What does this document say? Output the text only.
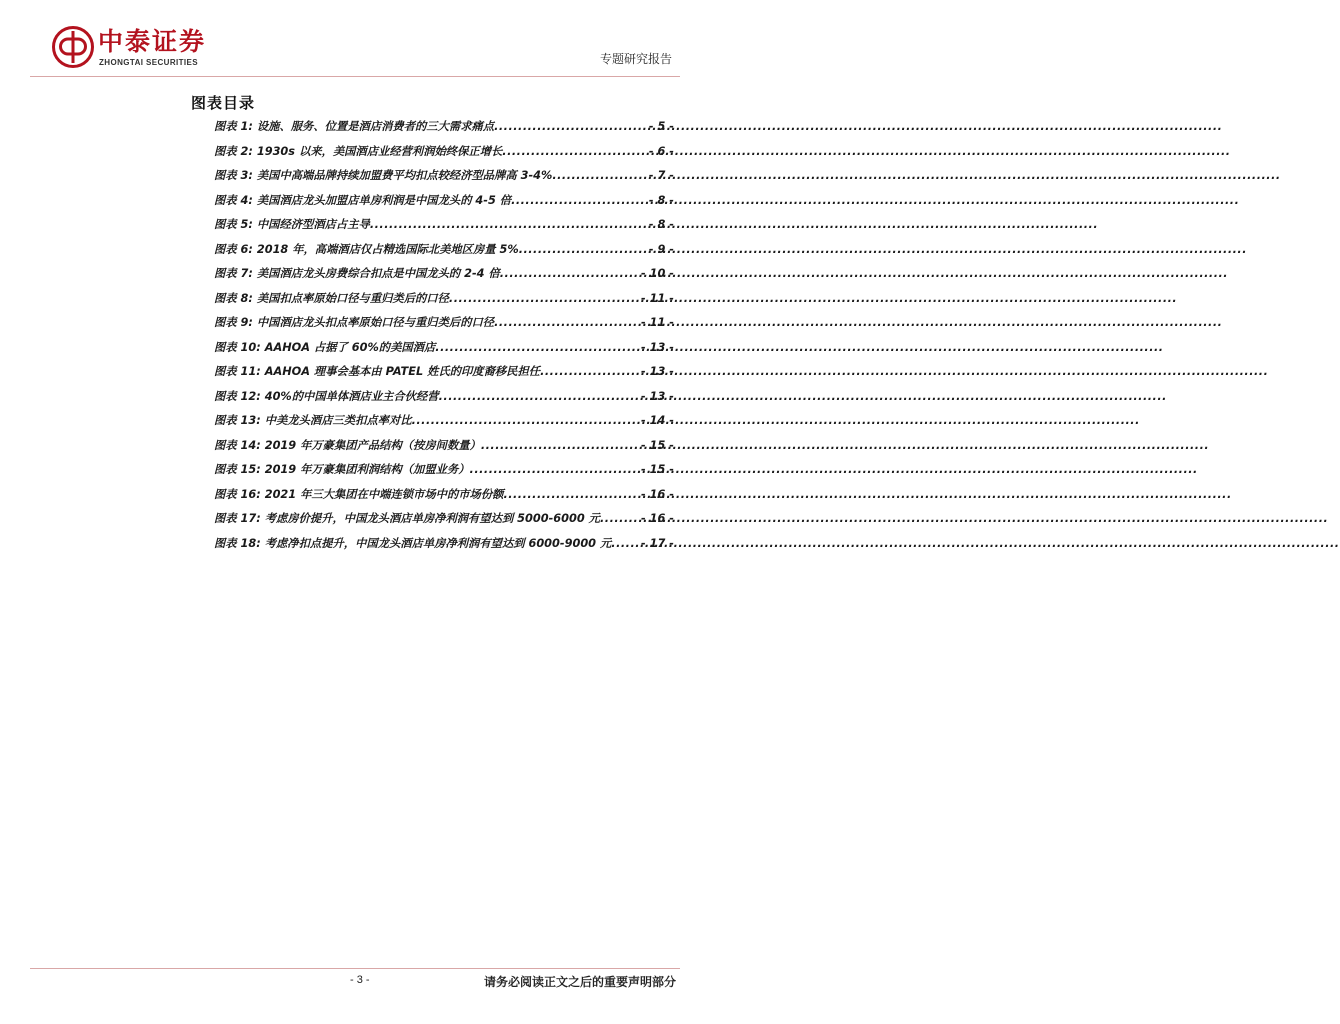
中泰证券
ZHONGTAI SECURITIES	专题研究报告
图表目录
图表 1:
设施、服务、位置是酒店消费者的三大需求痛点 .....	- 5 -
图表 2:
1930s 以来，美国酒店业经营利润始终保正增长 .....	- 6 -
图表 3:
美国中高端品牌持续加盟费平均扣点较经济型品牌高 3-4% .....	- 7 -
图表 4:
美国酒店龙头加盟店单房利润是中国龙头的 4-5 倍 .....	- 8 -
图表 5:
中国经济型酒店占主导 .....	- 8 -
图表 6:
2018 年，高端酒店仅占精选国际北美地区房量 5% .....	- 9 -
图表 7:
美国酒店龙头房费综合扣点是中国龙头的 2-4 倍 .....	- 10 -
图表 8:
美国扣点率原始口径与重归类后的口径 .....	- 11 -
图表 9:
中国酒店龙头扣点率原始口径与重归类后的口径 .....	- 11 -
图表 10:
AAHOA 占据了 60%的美国酒店 .....	- 13 -
图表 11:
AAHOA 理事会基本由 PATEL 姓氏的印度裔移民担任 .....	- 13 -
图表 12:
40%的中国单体酒店业主合伙经营 .....	- 13 -
图表 13:
中美龙头酒店三类扣点率对比 .....	- 14 -
图表 14:
2019 年万豪集团产品结构（按房间数量） .....	- 15 -
图表 15:
2019 年万豪集团利润结构（加盟业务） .....	- 15 -
图表 16:
2021 年三大集团在中端连锁市场中的市场份额 .....	- 16 -
图表 17:
考虑房价提升，中国龙头酒店单房净利润有望达到 5000-6000 元 .....	- 16 -
图表 18:
考虑净扣点提升，中国龙头酒店单房净利润有望达到 6000-9000 元 .....	- 17 -
- 3 -	请务必阅读正文之后的重要声明部分
